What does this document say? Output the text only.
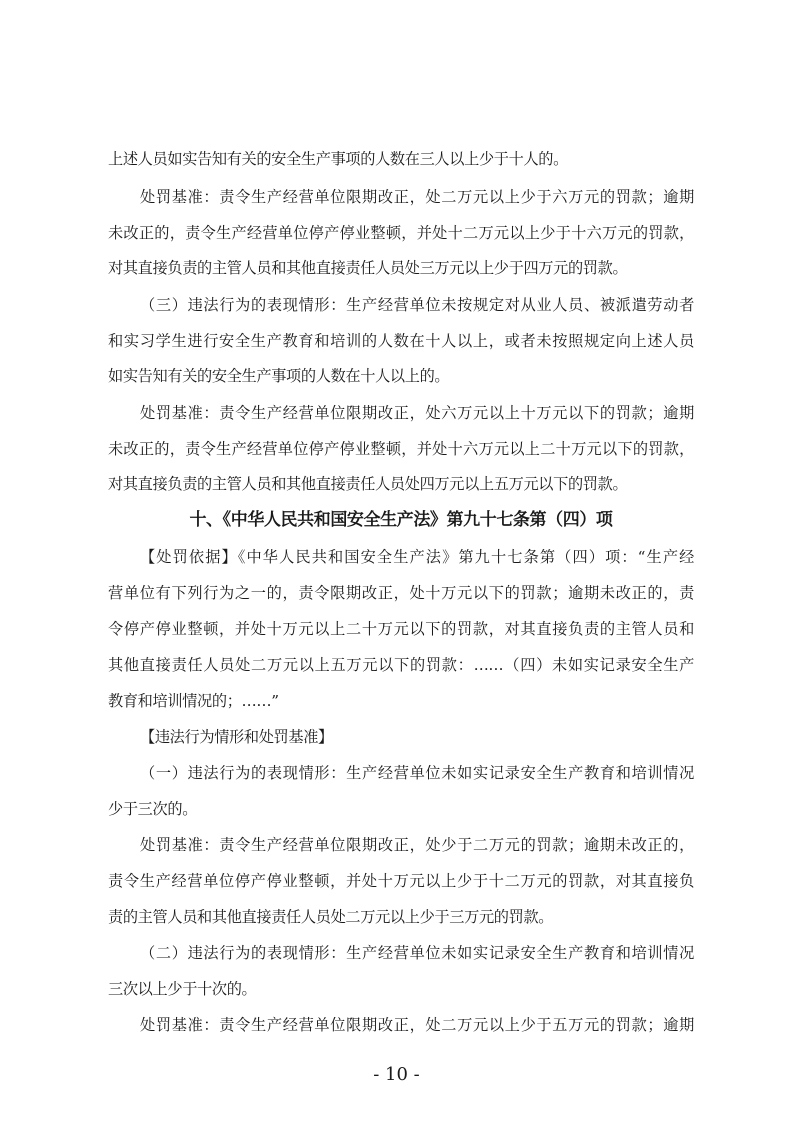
上述人员如实告知有关的安全生产事项的人数在三人以上少于十人的。
处罚基准：责令生产经营单位限期改正，处二万元以上少于六万元的罚款；逾期
未改正的，责令生产经营单位停产停业整顿，并处十二万元以上少于十六万元的罚款，
对其直接负责的主管人员和其他直接责任人员处三万元以上少于四万元的罚款。
（三）违法行为的表现情形：生产经营单位未按规定对从业人员、被派遣劳动者
和实习学生进行安全生产教育和培训的人数在十人以上，或者未按照规定向上述人员
如实告知有关的安全生产事项的人数在十人以上的。
处罚基准：责令生产经营单位限期改正，处六万元以上十万元以下的罚款；逾期
未改正的，责令生产经营单位停产停业整顿，并处十六万元以上二十万元以下的罚款，
对其直接负责的主管人员和其他直接责任人员处四万元以上五万元以下的罚款。
十、《中华人民共和国安全生产法》第九十七条第（四）项
【处罚依据】《中华人民共和国安全生产法》第九十七条第（四）项：“生产经
营单位有下列行为之一的，责令限期改正，处十万元以下的罚款；逾期未改正的，责
令停产停业整顿，并处十万元以上二十万元以下的罚款，对其直接负责的主管人员和
其他直接责任人员处二万元以上五万元以下的罚款：……（四）未如实记录安全生产
教育和培训情况的；……”
【违法行为情形和处罚基准】
（一）违法行为的表现情形：生产经营单位未如实记录安全生产教育和培训情况
少于三次的。
处罚基准：责令生产经营单位限期改正，处少于二万元的罚款；逾期未改正的，
责令生产经营单位停产停业整顿，并处十万元以上少于十二万元的罚款，对其直接负
责的主管人员和其他直接责任人员处二万元以上少于三万元的罚款。
（二）违法行为的表现情形：生产经营单位未如实记录安全生产教育和培训情况
三次以上少于十次的。
处罚基准：责令生产经营单位限期改正，处二万元以上少于五万元的罚款；逾期
- 10 -
